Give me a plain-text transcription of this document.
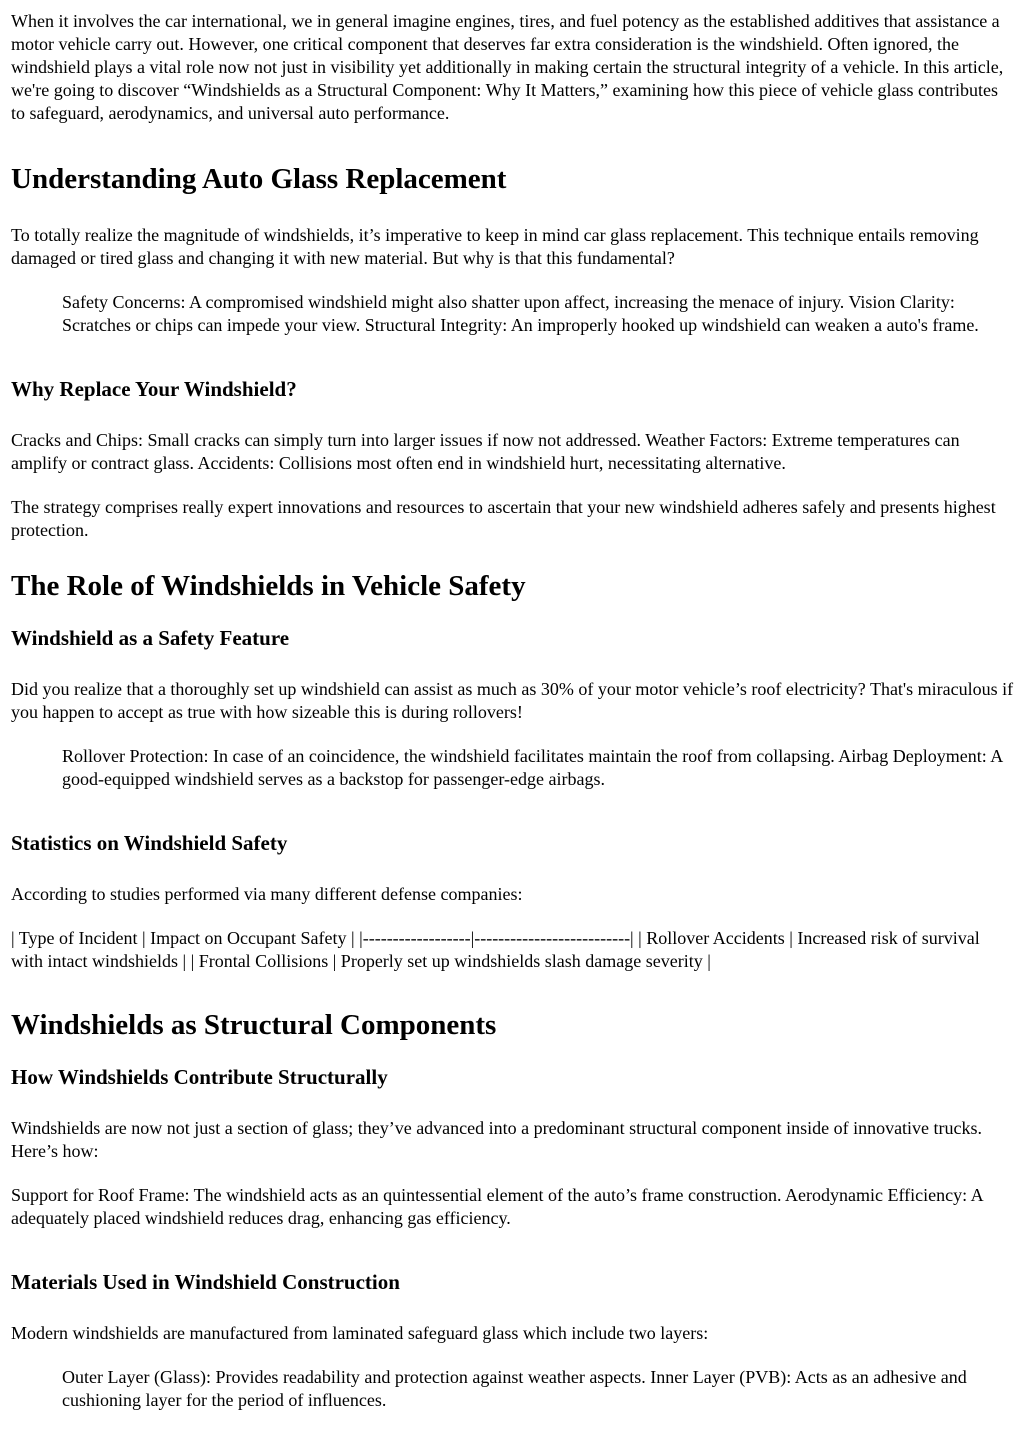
When it involves the car international, we in general imagine engines, tires, and fuel potency as the established additives that assistance a motor vehicle carry out. However, one critical component that deserves far extra consideration is the windshield. Often ignored, the windshield plays a vital role now not just in visibility yet additionally in making certain the structural integrity of a vehicle. In this article, we're going to discover “Windshields as a Structural Component: Why It Matters,” examining how this piece of vehicle glass contributes to safeguard, aerodynamics, and universal auto performance.

Understanding Auto Glass Replacement

To totally realize the magnitude of windshields, it’s imperative to keep in mind car glass replacement. This technique entails removing damaged or tired glass and changing it with new material. But why is that this fundamental?

Safety Concerns: A compromised windshield might also shatter upon affect, increasing the menace of injury. Vision Clarity: Scratches or chips can impede your view. Structural Integrity: An improperly hooked up windshield can weaken a auto's frame.
Why Replace Your Windshield?

Cracks and Chips: Small cracks can simply turn into larger issues if now not addressed. Weather Factors: Extreme temperatures can amplify or contract glass. Accidents: Collisions most often end in windshield hurt, necessitating alternative.

The strategy comprises really expert innovations and resources to ascertain that your new windshield adheres safely and presents highest protection.

The Role of Windshields in Vehicle Safety
Windshield as a Safety Feature

Did you realize that a thoroughly set up windshield can assist as much as 30% of your motor vehicle’s roof electricity? That's miraculous if you happen to accept as true with how sizeable this is during rollovers!

Rollover Protection: In case of an coincidence, the windshield facilitates maintain the roof from collapsing. Airbag Deployment: A good-equipped windshield serves as a backstop for passenger-edge airbags.
Statistics on Windshield Safety

According to studies performed via many different defense companies:

| Type of Incident | Impact on Occupant Safety | |------------------|--------------------------| | Rollover Accidents | Increased risk of survival with intact windshields | | Frontal Collisions | Properly set up windshields slash damage severity |

Windshields as Structural Components
How Windshields Contribute Structurally

Windshields are now not just a section of glass; they’ve advanced into a predominant structural component inside of innovative trucks. Here’s how:

Support for Roof Frame: The windshield acts as an quintessential element of the auto’s frame construction. Aerodynamic Efficiency: A adequately placed windshield reduces drag, enhancing gas efficiency.

Materials Used in Windshield Construction

Modern windshields are manufactured from laminated safeguard glass which include two layers:

Outer Layer (Glass): Provides readability and protection against weather aspects. Inner Layer (PVB): Acts as an adhesive and cushioning layer for the period of influences.
